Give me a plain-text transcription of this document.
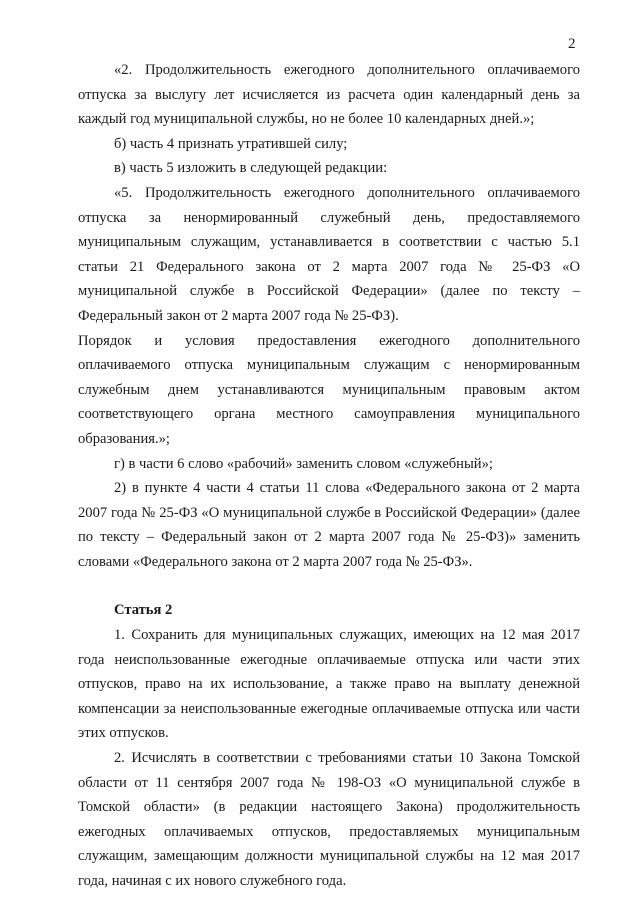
2

«2. Продолжительность ежегодного дополнительного оплачиваемого отпуска за выслугу лет исчисляется из расчета один календарный день за каждый год муниципальной службы, но не более 10 календарных дней.»;

б) часть 4 признать утратившей силу;

в) часть 5 изложить в следующей редакции:

«5. Продолжительность ежегодного дополнительного оплачиваемого отпуска за ненормированный служебный день, предоставляемого муниципальным служащим, устанавливается в соответствии с частью 5.1 статьи 21 Федерального закона от 2 марта 2007 года № 25-ФЗ «О муниципальной службе в Российской Федерации» (далее по тексту – Федеральный закон от 2 марта 2007 года № 25-ФЗ).

Порядок и условия предоставления ежегодного дополнительного оплачиваемого отпуска муниципальным служащим с ненормированным служебным днем устанавливаются муниципальным правовым актом соответствующего органа местного самоуправления муниципального образования.»;

г) в части 6 слово «рабочий» заменить словом «служебный»;

2) в пункте 4 части 4 статьи 11 слова «Федерального закона от 2 марта 2007 года № 25-ФЗ «О муниципальной службе в Российской Федерации» (далее по тексту – Федеральный закон от 2 марта 2007 года № 25-ФЗ)» заменить словами «Федерального закона от 2 марта 2007 года № 25-ФЗ».

Статья 2

1. Сохранить для муниципальных служащих, имеющих на 12 мая 2017 года неиспользованные ежегодные оплачиваемые отпуска или части этих отпусков, право на их использование, а также право на выплату денежной компенсации за неиспользованные ежегодные оплачиваемые отпуска или части этих отпусков.

2. Исчислять в соответствии с требованиями статьи 10 Закона Томской области от 11 сентября 2007 года № 198-ОЗ «О муниципальной службе в Томской области» (в редакции настоящего Закона) продолжительность ежегодных оплачиваемых отпусков, предоставляемых муниципальным служащим, замещающим должности муниципальной службы на 12 мая 2017 года, начиная с их нового служебного года.
